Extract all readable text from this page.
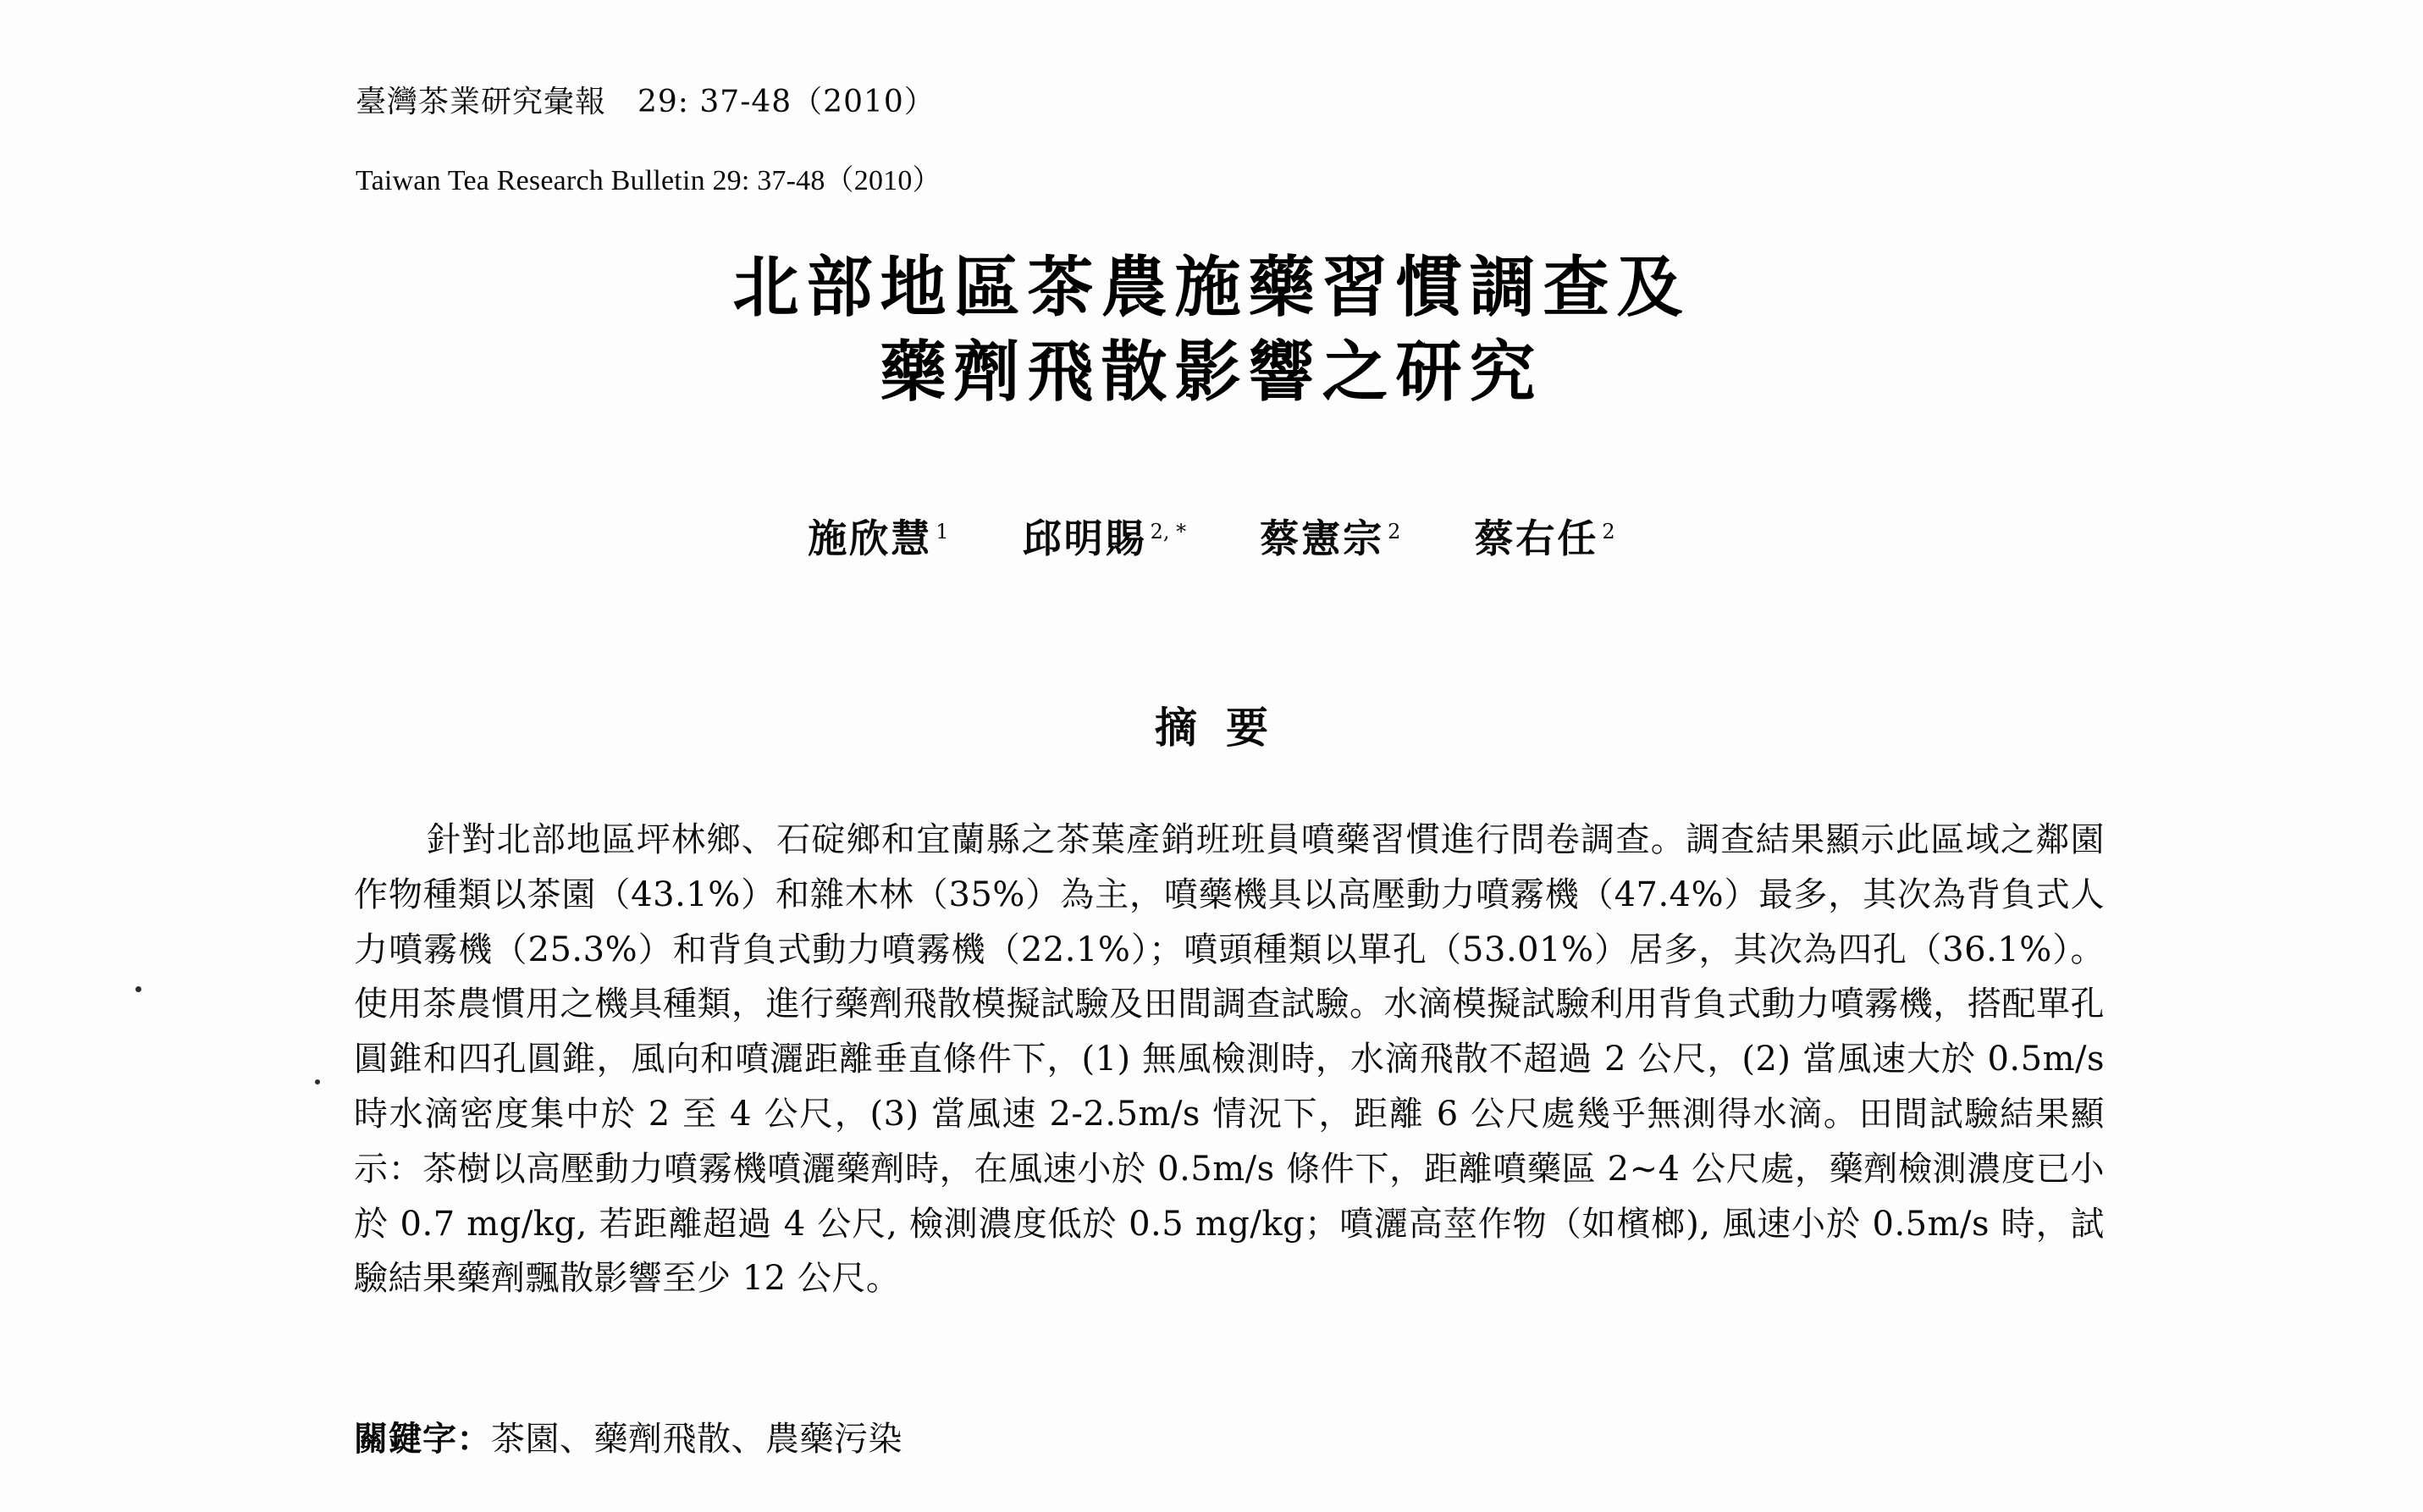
臺灣茶業研究彙報　29: 37-48（2010）
Taiwan Tea Research Bulletin 29: 37-48（2010）
北部地區茶農施藥習慣調查及
藥劑飛散影響之研究
施欣慧 $^1$ 邱明賜 $^{2, *}$ 蔡憲宗 $^2$ 蔡右任 $^2$
摘要

針對北部地區坪林鄉、石碇鄉和宜蘭縣之茶葉產銷班班員噴藥習慣進行問卷調查。調查結果顯示此區域之鄰園作物種類以茶園（43.1%）和雜木林（35%）為主，噴藥機具以高壓動力噴霧機（47.4%）最多，其次為背負式人力噴霧機（25.3%）和背負式動力噴霧機（22.1%）；噴頭種類以單孔（53.01%）居多，其次為四孔（36.1%）。使用茶農慣用之機具種類，進行藥劑飛散模擬試驗及田間調查試驗。水滴模擬試驗利用背負式動力噴霧機，搭配單孔圓錐和四孔圓錐，風向和噴灑距離垂直條件下，(1) 無風檢測時，水滴飛散不超過 2 公尺，(2) 當風速大於 0.5m/s 時水滴密度集中於 2 至 4 公尺，(3) 當風速 2-2.5m/s 情況下，距離 6 公尺處幾乎無測得水滴。田間試驗結果顯示：茶樹以高壓動力噴霧機噴灑藥劑時，在風速小於 0.5m/s 條件下，距離噴藥區 2~4 公尺處，藥劑檢測濃度已小於 0.7 mg/kg, 若距離超過 4 公尺, 檢測濃度低於 0.5 mg/kg；噴灑高莖作物（如檳榔), 風速小於 0.5m/s 時，試驗結果藥劑飄散影響至少 12 公尺。

關鍵字：茶園、藥劑飛散、農藥污染
